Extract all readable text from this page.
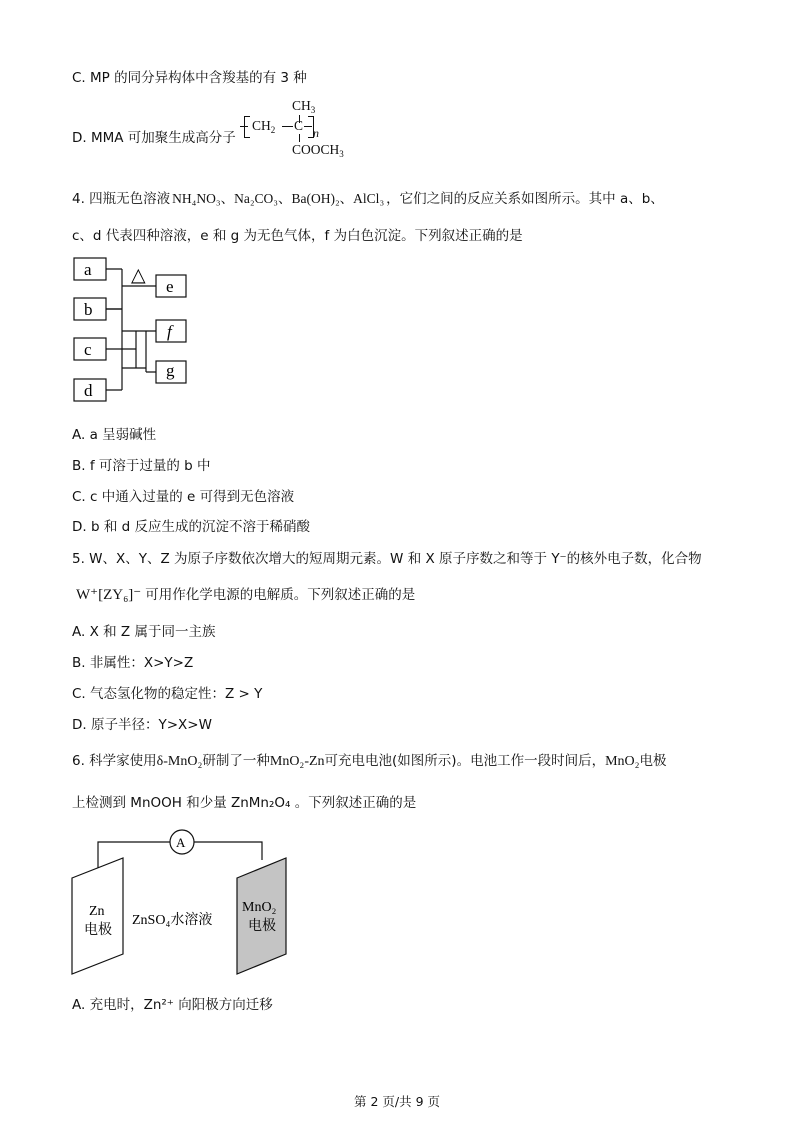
C. MP 的同分异构体中含羧基的有 3 种
D. MMA 可加聚生成高分子
$CH_3$
$CH_2$ C n
$COOCH_3$
4. 四瓶无色溶液 NH₄NO₃、Na₂CO₃、Ba(OH)₂、AlCl₃ ，它们之间的反应关系如图所示。其中 a、b、
c、d 代表四种溶液，e 和 g 为无色气体，f 为白色沉淀。下列叙述正确的是
a
b
c
d
e
f
g
△
A. a 呈弱碱性
B. f 可溶于过量的 b 中
C. c 中通入过量的 e 可得到无色溶液
D. b 和 d 反应生成的沉淀不溶于稀硝酸
5. W、X、Y、Z 为原子序数依次增大的短周期元素。W 和 X 原子序数之和等于 Y⁻的核外电子数，化合物
W⁺[ZY₆]⁻ 可用作化学电源的电解质。下列叙述正确的是
A. X 和 Z 属于同一主族
B. 非属性：X>Y>Z
C. 气态氢化物的稳定性：Z > Y
D. 原子半径：Y>X>W
6. 科学家使用δ-MnO₂研制了一种MnO₂-Zn可充电电池(如图所示)。电池工作一段时间后，MnO₂电极
上检测到 MnOOH 和少量 ZnMn₂O₄ 。下列叙述正确的是
A
Zn
电极
ZnSO₄水溶液
MnO₂
电极
A. 充电时，Zn²⁺ 向阳极方向迁移
第 2 页/共 9 页
